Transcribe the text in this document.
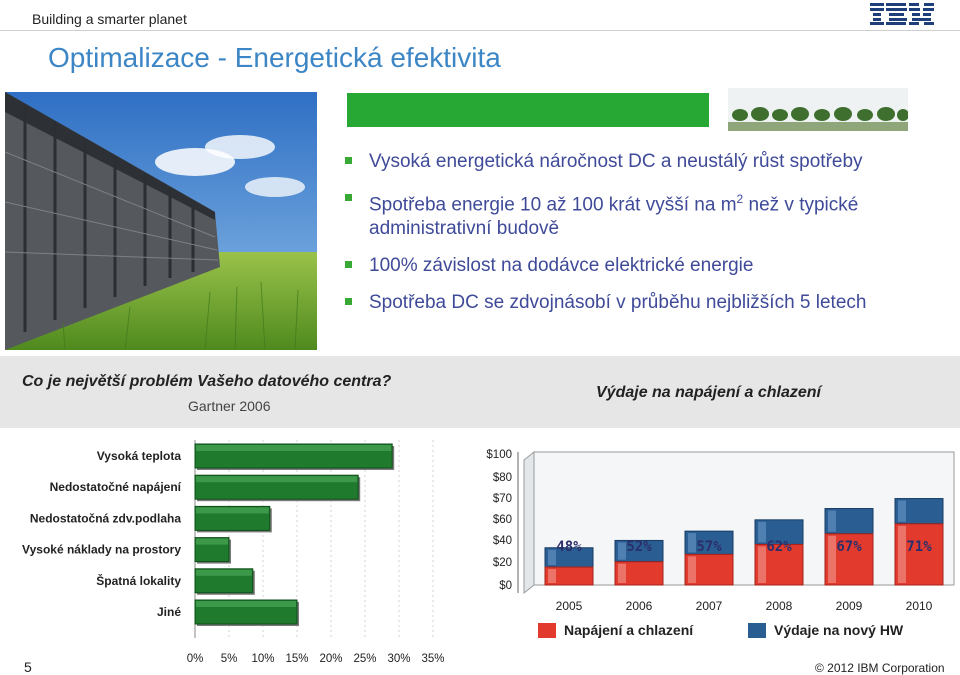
Building a smarter planet
Optimalizace - Energetická efektivita
Vysoká energetická náročnost DC a neustálý růst spotřeby
Spotřeba energie 10 až 100 krát vyšší na $m^2$ než v typické administrativní budově
100% závislost na dodávce elektrické energie
Spotřeba DC se zdvojnásobí v průběhu nejbližších 5 letech
Co je největší problém Vašeho datového centra?
Gartner 2006
Výdaje na napájení a chlazení
0% 5% 10% 15% 20% 25% 30% 35%
Vysoká teplota
Nedostatočné napájení
Nedostatočná zdv.podlaha
Vysoké náklady na prostory
Špatná lokality
Jiné
$0
$20
$40
$60
$70
$80
$100
48%
2005
52%
2006
57%
2007
62%
2008
67%
2009
71%
2010
Napájení a chlazení	Výdaje na nový HW
5	© 2012 IBM Corporation
